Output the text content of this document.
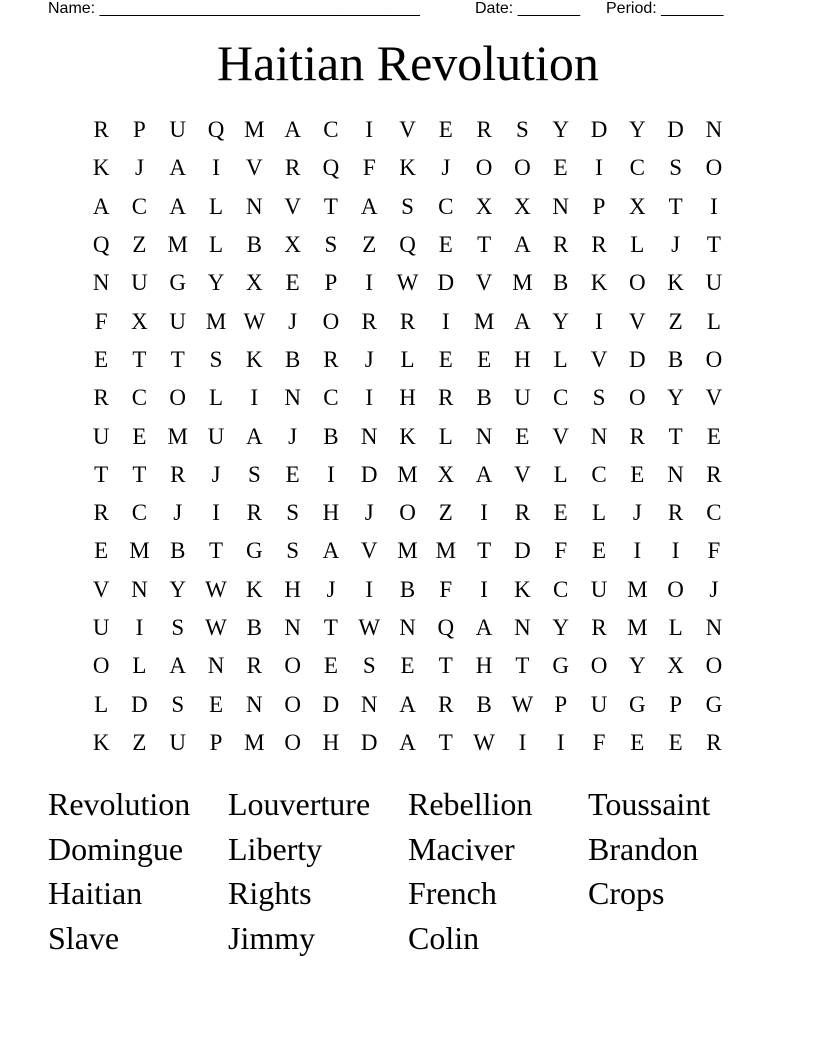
Name: ____________________________________

	Date: _______

Period: _______

Haitian Revolution
R	P	U Q M A C	I	V E	R	S	Y D Y D N
K	J	A	I	V R Q	F	K	J	O O E	I	C	S	O
A C A L N V T A	S	C X X N	P	X T	I
Q Z M L	B X	S	Z Q E	T A R R	L	J	T
N U G Y X E	P	I	W D V M B K O K U
F	X U M W J	O R R	I	M A Y	I	V Z	L
E	T	T	S	K B R	J	L	E	E H L V D B O
R C O L	I	N C	I	H R B U C	S	O Y V
U E M U A	J	B N K L N E V N R	T	E
T	T	R	J	S	E	I	D M X A V L	C	E N R
R C	J	I	R	S	H	J	O Z	I	R	E	L	J	R C
E M B	T G	S	A V M M T D	F	E	I	I	F
V N Y W K H	J	I	B	F	I	K C U M O	J
U	I	S W B N T W N Q A N Y R M L N
O L A N R O E	S	E	T H T G O Y X O
L D	S	E N O D N A R B W P	U G	P	G
K Z U	P M O H D A T W	I	I	F	E	E	R
Revolution	Louverture	Rebellion	Toussaint
Domingue	Liberty	Maciver	Brandon
Haitian	Rights	French	Crops
Slave	Jimmy	Colin
